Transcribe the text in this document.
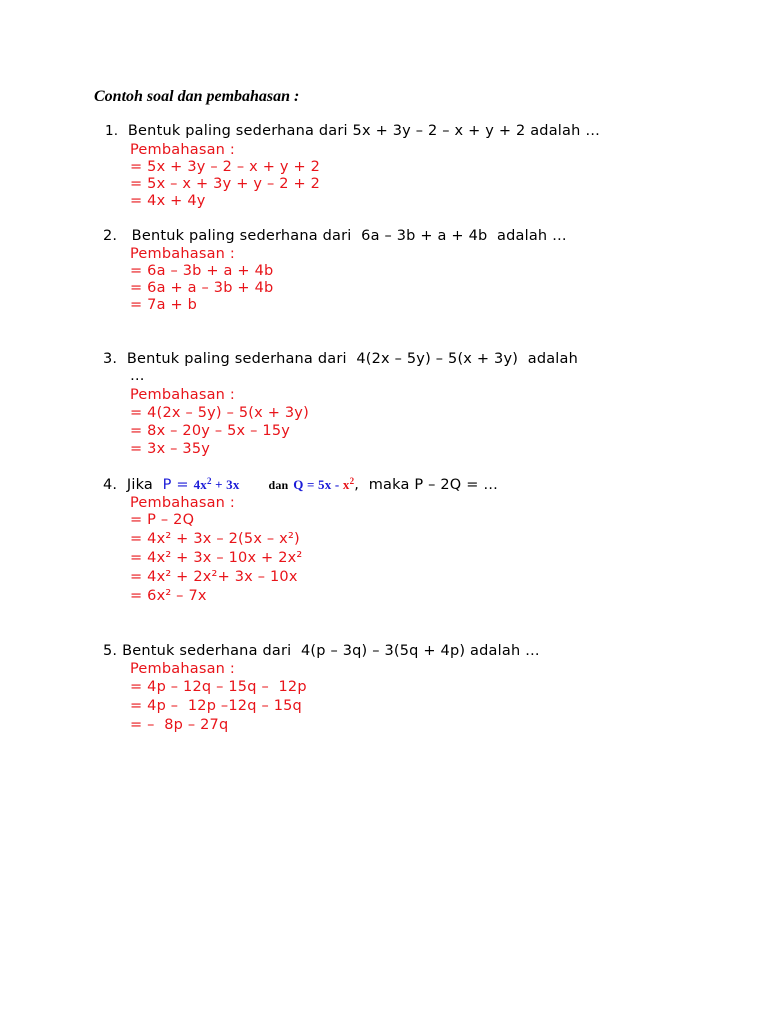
Contoh soal dan pembahasan :
1. Bentuk paling sederhana dari 5x + 3y – 2 – x + y + 2 adalah …
Pembahasan :
= 5x + 3y – 2 – x + y + 2
= 5x – x + 3y + y – 2 + 2
= 4x + 4y
2.   Bentuk paling sederhana dari  6a – 3b + a + 4b  adalah …
Pembahasan :
= 6a – 3b + a + 4b
= 6a + a – 3b + 4b
= 7a + b
3. Bentuk paling sederhana dari  4(2x – 5y) – 5(x + 3y)  adalah
…
Pembahasan :
= 4(2x – 5y) – 5(x + 3y)
= 8x – 20y – 5x – 15y
= 3x – 35y
4. Jika $P = 4x^2 + 3x$ dan $Q = 5x - x^2$,  maka P – 2Q = …
Pembahasan :
= P – 2Q
= 4x² + 3x – 2(5x – x²)
= 4x² + 3x – 10x + 2x²
= 4x² + 2x²+ 3x – 10x
= 6x² – 7x
5. Bentuk sederhana dari  4(p – 3q) – 3(5q + 4p) adalah …
Pembahasan :
= 4p – 12q – 15q –  12p
= 4p –  12p –12q – 15q
= –  8p – 27q
